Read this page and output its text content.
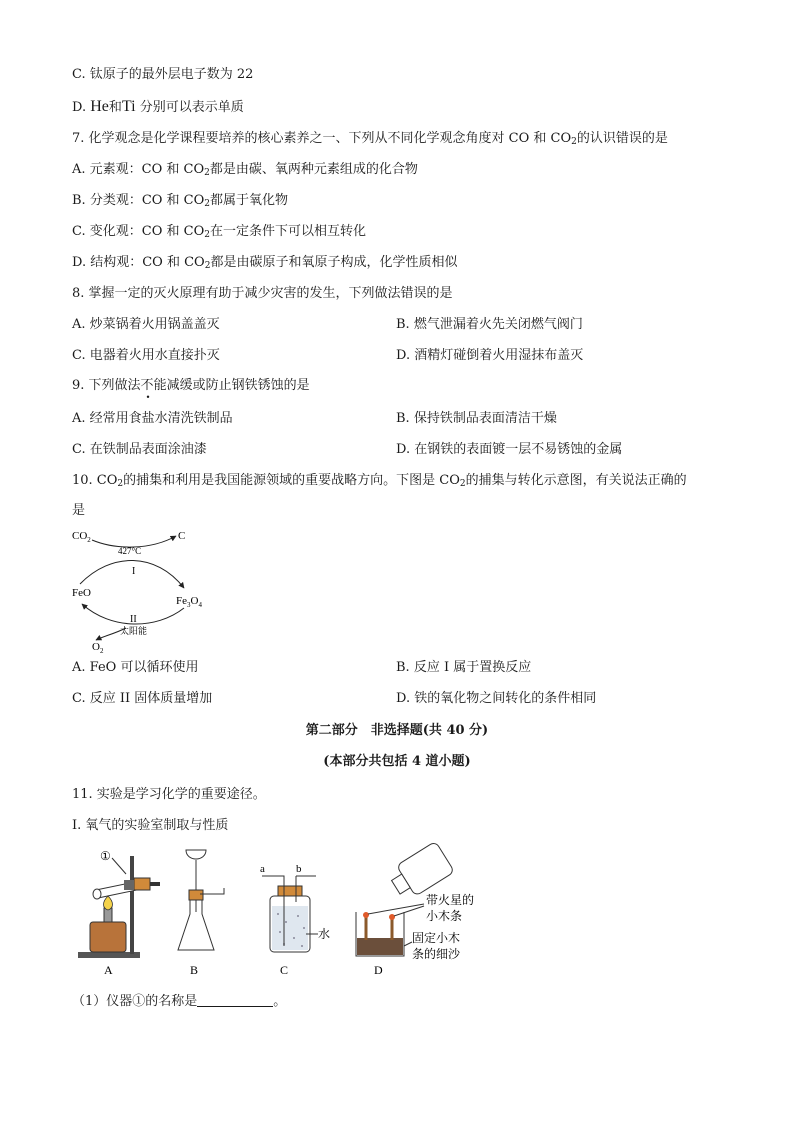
C. 钛原子的最外层电子数为 22
D. He和Ti 分别可以表示单质
7. 化学观念是化学课程要培养的核心素养之一、下列从不同化学观念角度对 CO 和 $CO_2$的认识错误的是
A. 元素观：CO 和 $CO_2$都是由碳、氧两种元素组成的化合物
B. 分类观：CO 和 $CO_2$都属于氧化物
C. 变化观：CO 和 $CO_2$在一定条件下可以相互转化
D. 结构观：CO 和 $CO_2$都是由碳原子和氧原子构成，化学性质相似
8. 掌握一定的灭火原理有助于减少灾害的发生，下列做法错误的是
A. 炒菜锅着火用锅盖盖灭	B. 燃气泄漏着火先关闭燃气阀门
C. 电器着火用水直接扑灭	D. 酒精灯碰倒着火用湿抹布盖灭
9. 下列做法不能减缓或防止钢铁锈蚀的是
A. 经常用食盐水清洗铁制品	B. 保持铁制品表面清洁干燥
C. 在铁制品表面涂油漆	D. 在钢铁的表面镀一层不易锈蚀的金属
10. $CO_2$的捕集和利用是我国能源领域的重要战略方向。下图是 $CO_2$的捕集与转化示意图，有关说法正确的
是
$CO_2$	C
427°C
I
FeO
$Fe_3O_4$
II
太阳能
$O_2$
A. FeO 可以循环使用	B. 反应 I 属于置换反应
C. 反应 II 固体质量增加	D. 铁的氧化物之间转化的条件相同
第二部分　非选择题(共 40 分)
(本部分共包括 4 道小题)
11. 实验是学习化学的重要途径。
Ⅰ. 氧气的实验室制取与性质
①
A	B
a	b
水
C
带火星的
小木条
固定小木
条的细沙
D
（1）仪器①的名称是	。
